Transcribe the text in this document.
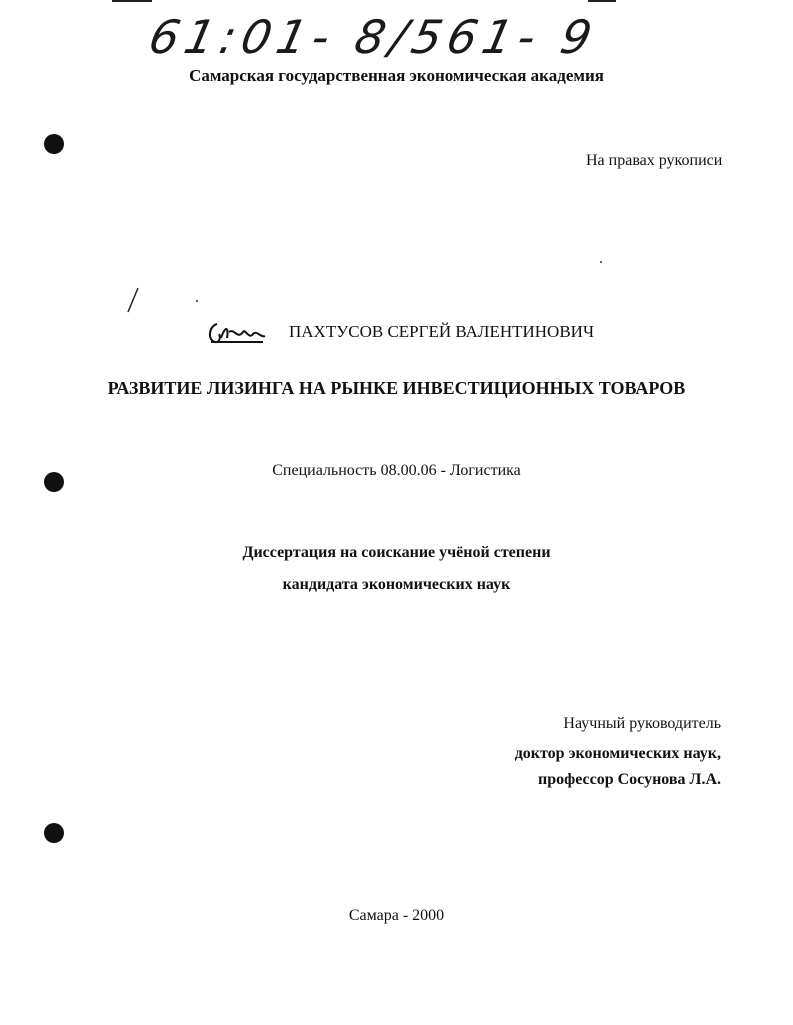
61:01- 8/561- 9
Самарская государственная экономическая академия
На правах рукописи
ПАХТУСОВ СЕРГЕЙ ВАЛЕНТИНОВИЧ
РАЗВИТИЕ ЛИЗИНГА НА РЫНКЕ ИНВЕСТИЦИОННЫХ ТОВАРОВ
Специальность 08.00.06 - Логистика
Диссертация на соискание учёной степени
кандидата экономических наук
Научный руководитель
доктор экономических наук,
профессор Сосунова Л.А.
Самара - 2000
